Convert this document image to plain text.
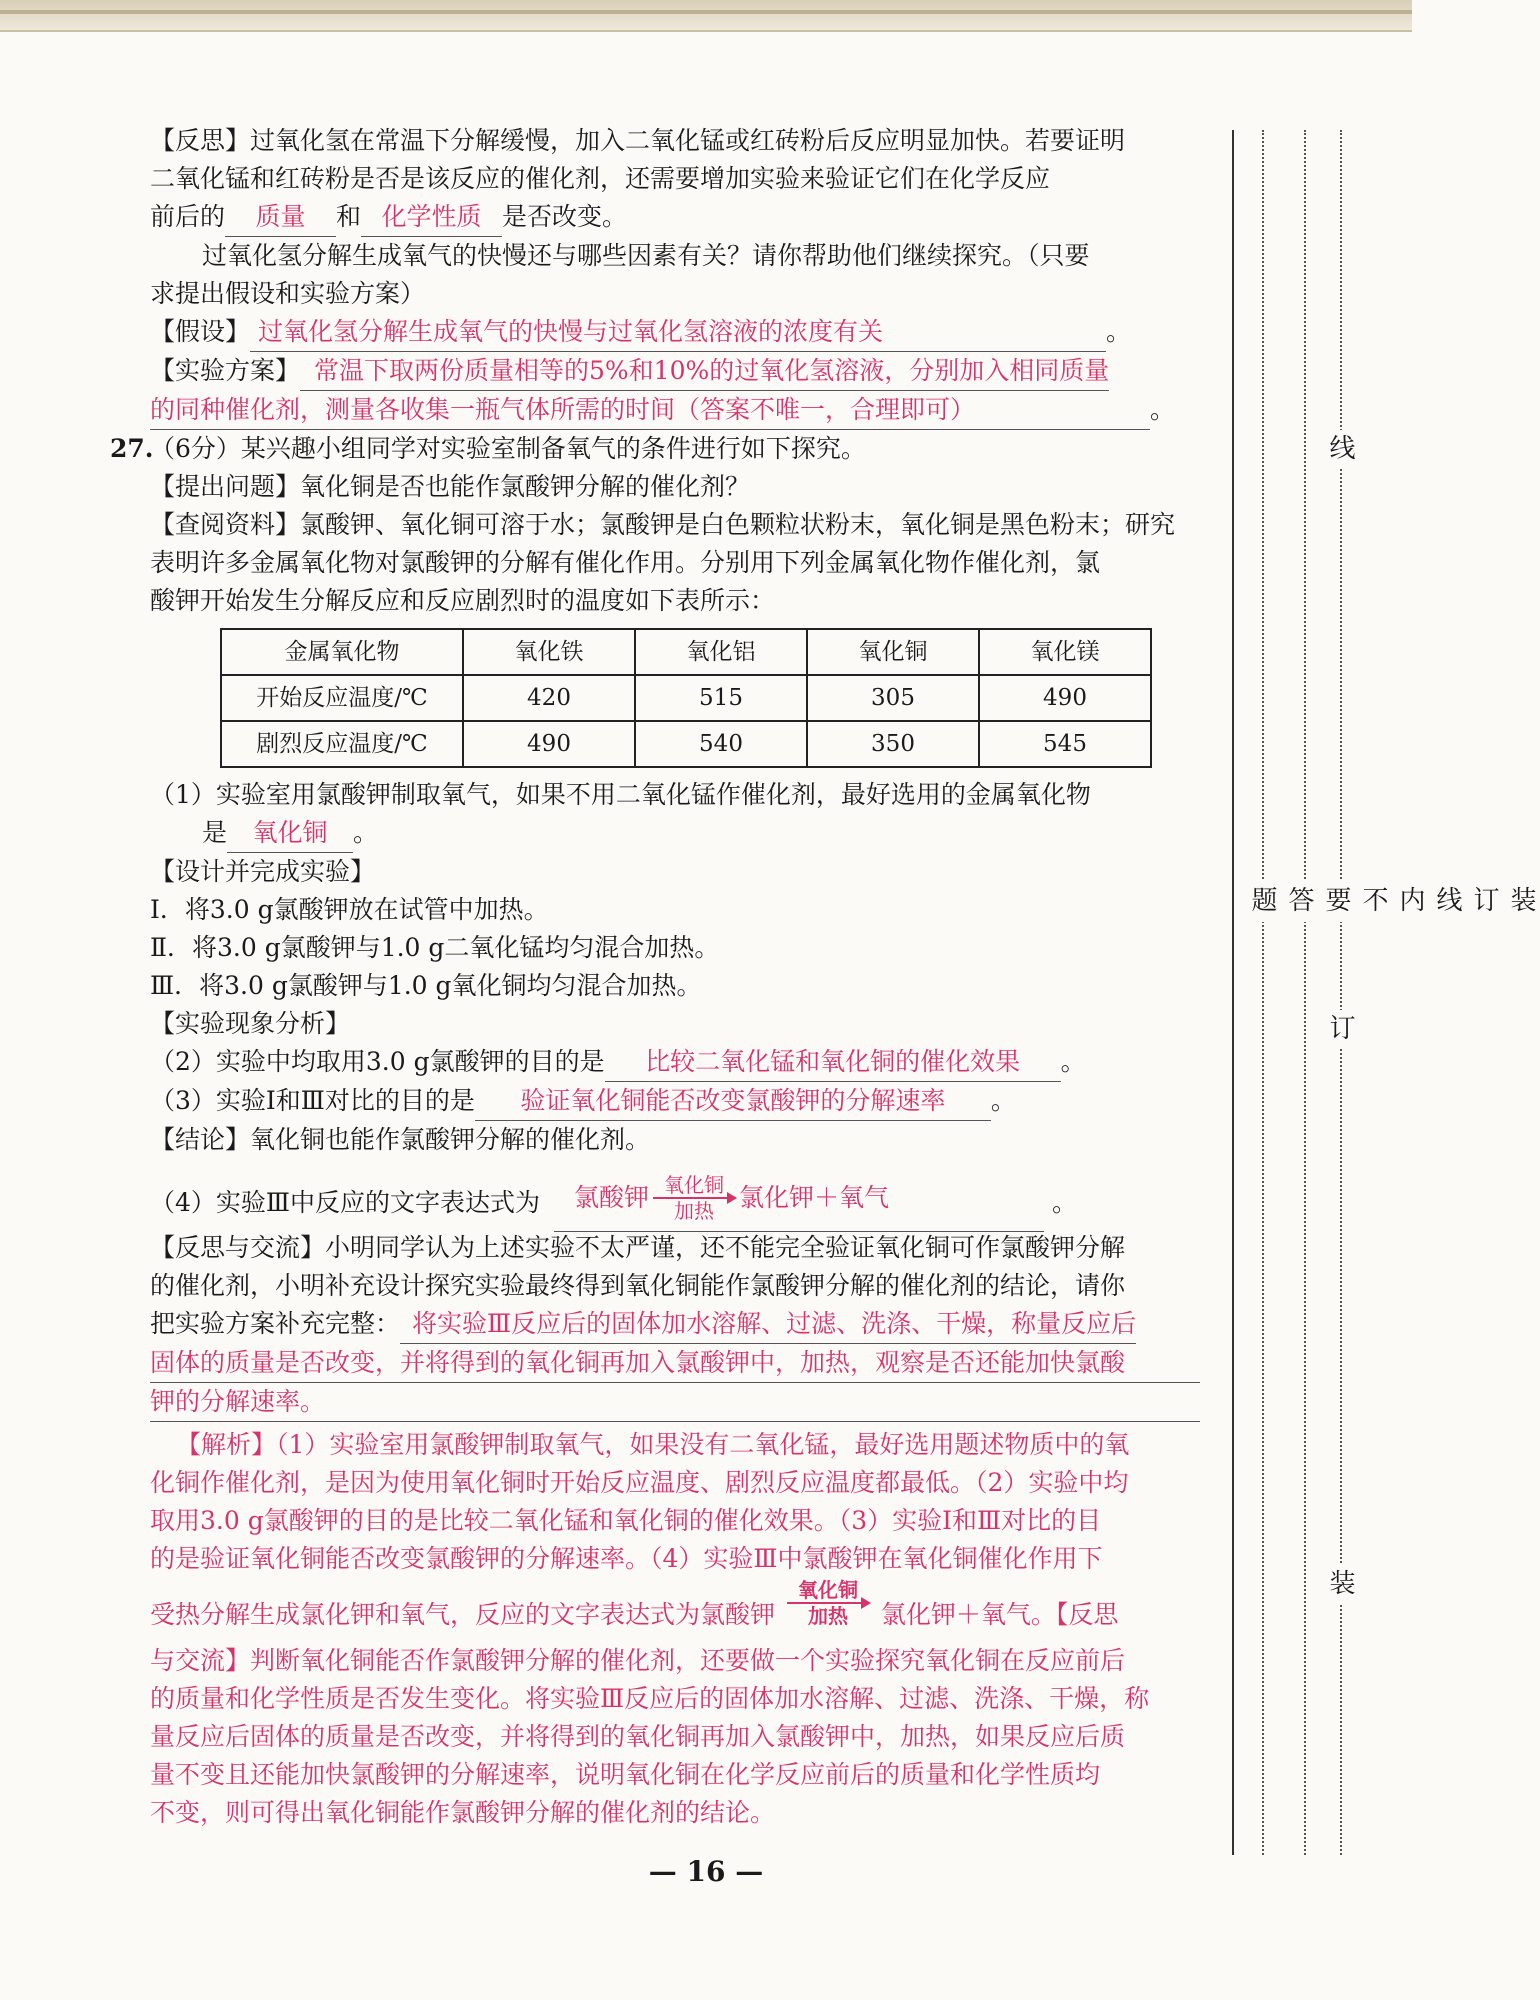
【反思】过氧化氢在常温下分解缓慢，加入二氧化锰或红砖粉后反应明显加快。若要证明
二氧化锰和红砖粉是否是该反应的催化剂，还需要增加实验来验证它们在化学反应
前后的 质量 和 化学性质 是否改变。
过氧化氢分解生成氧气的快慢还与哪些因素有关？请你帮助他们继续探究。（只要
求提出假设和实验方案）
【假设】 过氧化氢分解生成氧气的快慢与过氧化氢溶液的浓度有关	。
【实验方案】 常温下取两份质量相等的5%和10%的过氧化氢溶液，分别加入相同质量
的同种催化剂，测量各收集一瓶气体所需的时间（答案不唯一，合理即可）	。
27.
（6分）某兴趣小组同学对实验室制备氧气的条件进行如下探究。
【提出问题】氧化铜是否也能作氯酸钾分解的催化剂？
【查阅资料】氯酸钾、氧化铜可溶于水；氯酸钾是白色颗粒状粉末，氧化铜是黑色粉末；研究
表明许多金属氧化物对氯酸钾的分解有催化作用。分别用下列金属氧化物作催化剂，氯
酸钾开始发生分解反应和反应剧烈时的温度如下表所示：
金属氧化物	氧化铁	氧化铝	氧化铜	氧化镁
开始反应温度/℃	420	515	305	490
剧烈反应温度/℃	490	540	350	545
（1）实验室用氯酸钾制取氧气，如果不用二氧化锰作催化剂，最好选用的金属氧化物
是 氧化铜 。
【设计并完成实验】
Ⅰ．将3.0 g氯酸钾放在试管中加热。
Ⅱ．将3.0 g氯酸钾与1.0 g二氧化锰均匀混合加热。
Ⅲ．将3.0 g氯酸钾与1.0 g氧化铜均匀混合加热。
【实验现象分析】
（2）实验中均取用3.0 g氯酸钾的目的是 比较二氧化锰和氧化铜的催化效果 。
（3）实验Ⅰ和Ⅲ对比的目的是 验证氧化铜能否改变氯酸钾的分解速率 。
【结论】氧化铜也能作氯酸钾分解的催化剂。
（4）实验Ⅲ中反应的文字表达式为 氯酸钾 氧化铜
加热 氯化钾＋氧气	。
【反思与交流】小明同学认为上述实验不太严谨，还不能完全验证氧化铜可作氯酸钾分解
的催化剂，小明补充设计探究实验最终得到氧化铜能作氯酸钾分解的催化剂的结论，请你
把实验方案补充完整： 将实验Ⅲ反应后的固体加水溶解、过滤、洗涤、干燥，称量反应后
固体的质量是否改变，并将得到的氧化铜再加入氯酸钾中，加热，观察是否还能加快氯酸
钾的分解速率。
【解析】（1）实验室用氯酸钾制取氧气，如果没有二氧化锰，最好选用题述物质中的氧
化铜作催化剂，是因为使用氧化铜时开始反应温度、剧烈反应温度都最低。（2）实验中均
取用3.0 g氯酸钾的目的是比较二氧化锰和氧化铜的催化效果。（3）实验Ⅰ和Ⅲ对比的目
的是验证氧化铜能否改变氯酸钾的分解速率。（4）实验Ⅲ中氯酸钾在氧化铜催化作用下
受热分解生成氯化钾和氧气，反应的文字表达式为氯酸钾
氧化铜
加热 氯化钾＋氧气。【反思
与交流】判断氧化铜能否作氯酸钾分解的催化剂，还要做一个实验探究氧化铜在反应前后
的质量和化学性质是否发生变化。将实验Ⅲ反应后的固体加水溶解、过滤、洗涤、干燥，称
量反应后固体的质量是否改变，并将得到的氧化铜再加入氯酸钾中，加热，如果反应后质
量不变且还能加快氯酸钾的分解速率，说明氧化铜在化学反应前后的质量和化学性质均
不变，则可得出氧化铜能作氯酸钾分解的催化剂的结论。
— 16 —
装订线内不要答题
线
订
装
